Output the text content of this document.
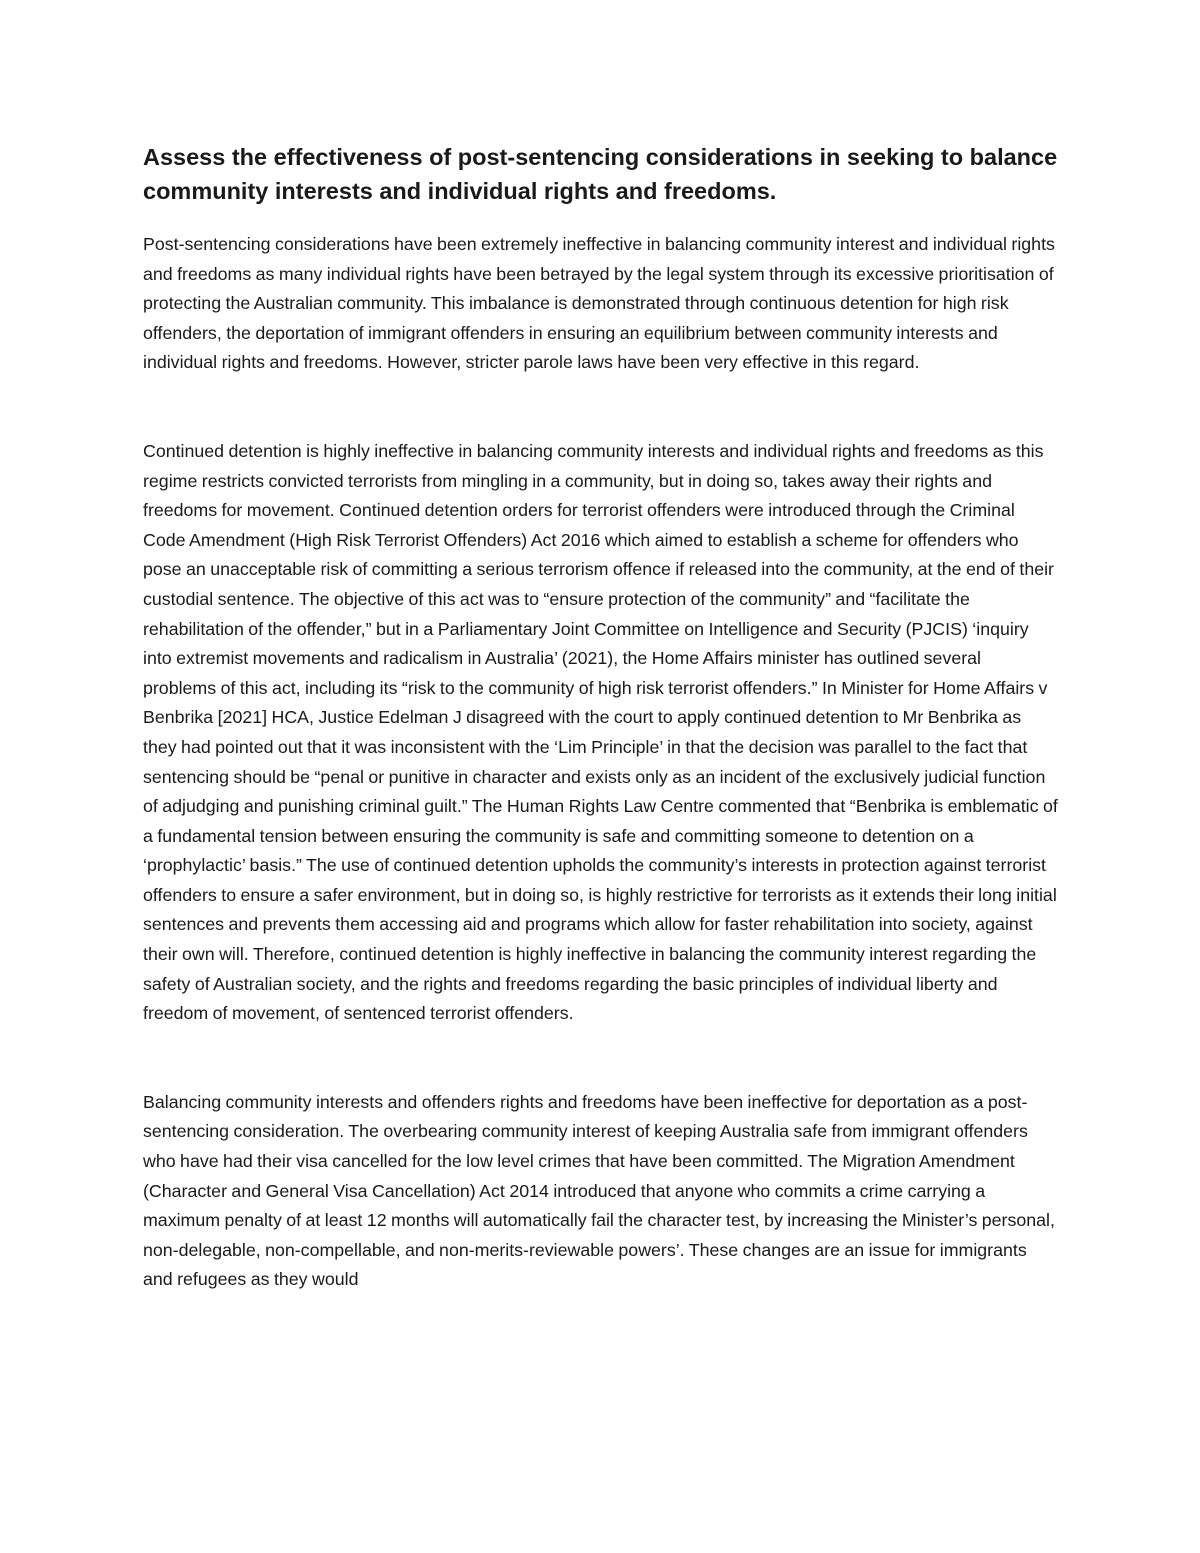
Assess the effectiveness of post-sentencing considerations in seeking to balance community interests and individual rights and freedoms.

Post-sentencing considerations have been extremely ineffective in balancing community interest and individual rights and freedoms as many individual rights have been betrayed by the legal system through its excessive prioritisation of protecting the Australian community. This imbalance is demonstrated through continuous detention for high risk offenders, the deportation of immigrant offenders in ensuring an equilibrium between community interests and individual rights and freedoms. However, stricter parole laws have been very effective in this regard.

Continued detention is highly ineffective in balancing community interests and individual rights and freedoms as this regime restricts convicted terrorists from mingling in a community, but in doing so, takes away their rights and freedoms for movement. Continued detention orders for terrorist offenders were introduced through the Criminal Code Amendment (High Risk Terrorist Offenders) Act 2016 which aimed to establish a scheme for offenders who pose an unacceptable risk of committing a serious terrorism offence if released into the community, at the end of their custodial sentence. The objective of this act was to “ensure protection of the community” and “facilitate the rehabilitation of the offender,” but in a Parliamentary Joint Committee on Intelligence and Security (PJCIS) ‘inquiry into extremist movements and radicalism in Australia’ (2021), the Home Affairs minister has outlined several problems of this act, including its “risk to the community of high risk terrorist offenders.” In Minister for Home Affairs v Benbrika [2021] HCA, Justice Edelman J disagreed with the court to apply continued detention to Mr Benbrika as they had pointed out that it was inconsistent with the ‘Lim Principle’ in that the decision was parallel to the fact that sentencing should be “penal or punitive in character and exists only as an incident of the exclusively judicial function of adjudging and punishing criminal guilt.” The Human Rights Law Centre commented that “Benbrika is emblematic of a fundamental tension between ensuring the community is safe and committing someone to detention on a ‘prophylactic’ basis.” The use of continued detention upholds the community’s interests in protection against terrorist offenders to ensure a safer environment, but in doing so, is highly restrictive for terrorists as it extends their long initial sentences and prevents them accessing aid and programs which allow for faster rehabilitation into society, against their own will. Therefore, continued detention is highly ineffective in balancing the community interest regarding the safety of Australian society, and the rights and freedoms regarding the basic principles of individual liberty and freedom of movement, of sentenced terrorist offenders.

Balancing community interests and offenders rights and freedoms have been ineffective for deportation as a post-sentencing consideration. The overbearing community interest of keeping Australia safe from immigrant offenders who have had their visa cancelled for the low level crimes that have been committed. The Migration Amendment (Character and General Visa Cancellation) Act 2014 introduced that anyone who commits a crime carrying a maximum penalty of at least 12 months will automatically fail the character test, by increasing the Minister’s personal, non-delegable, non-compellable, and non-merits-reviewable powers’. These changes are an issue for immigrants and refugees as they would
